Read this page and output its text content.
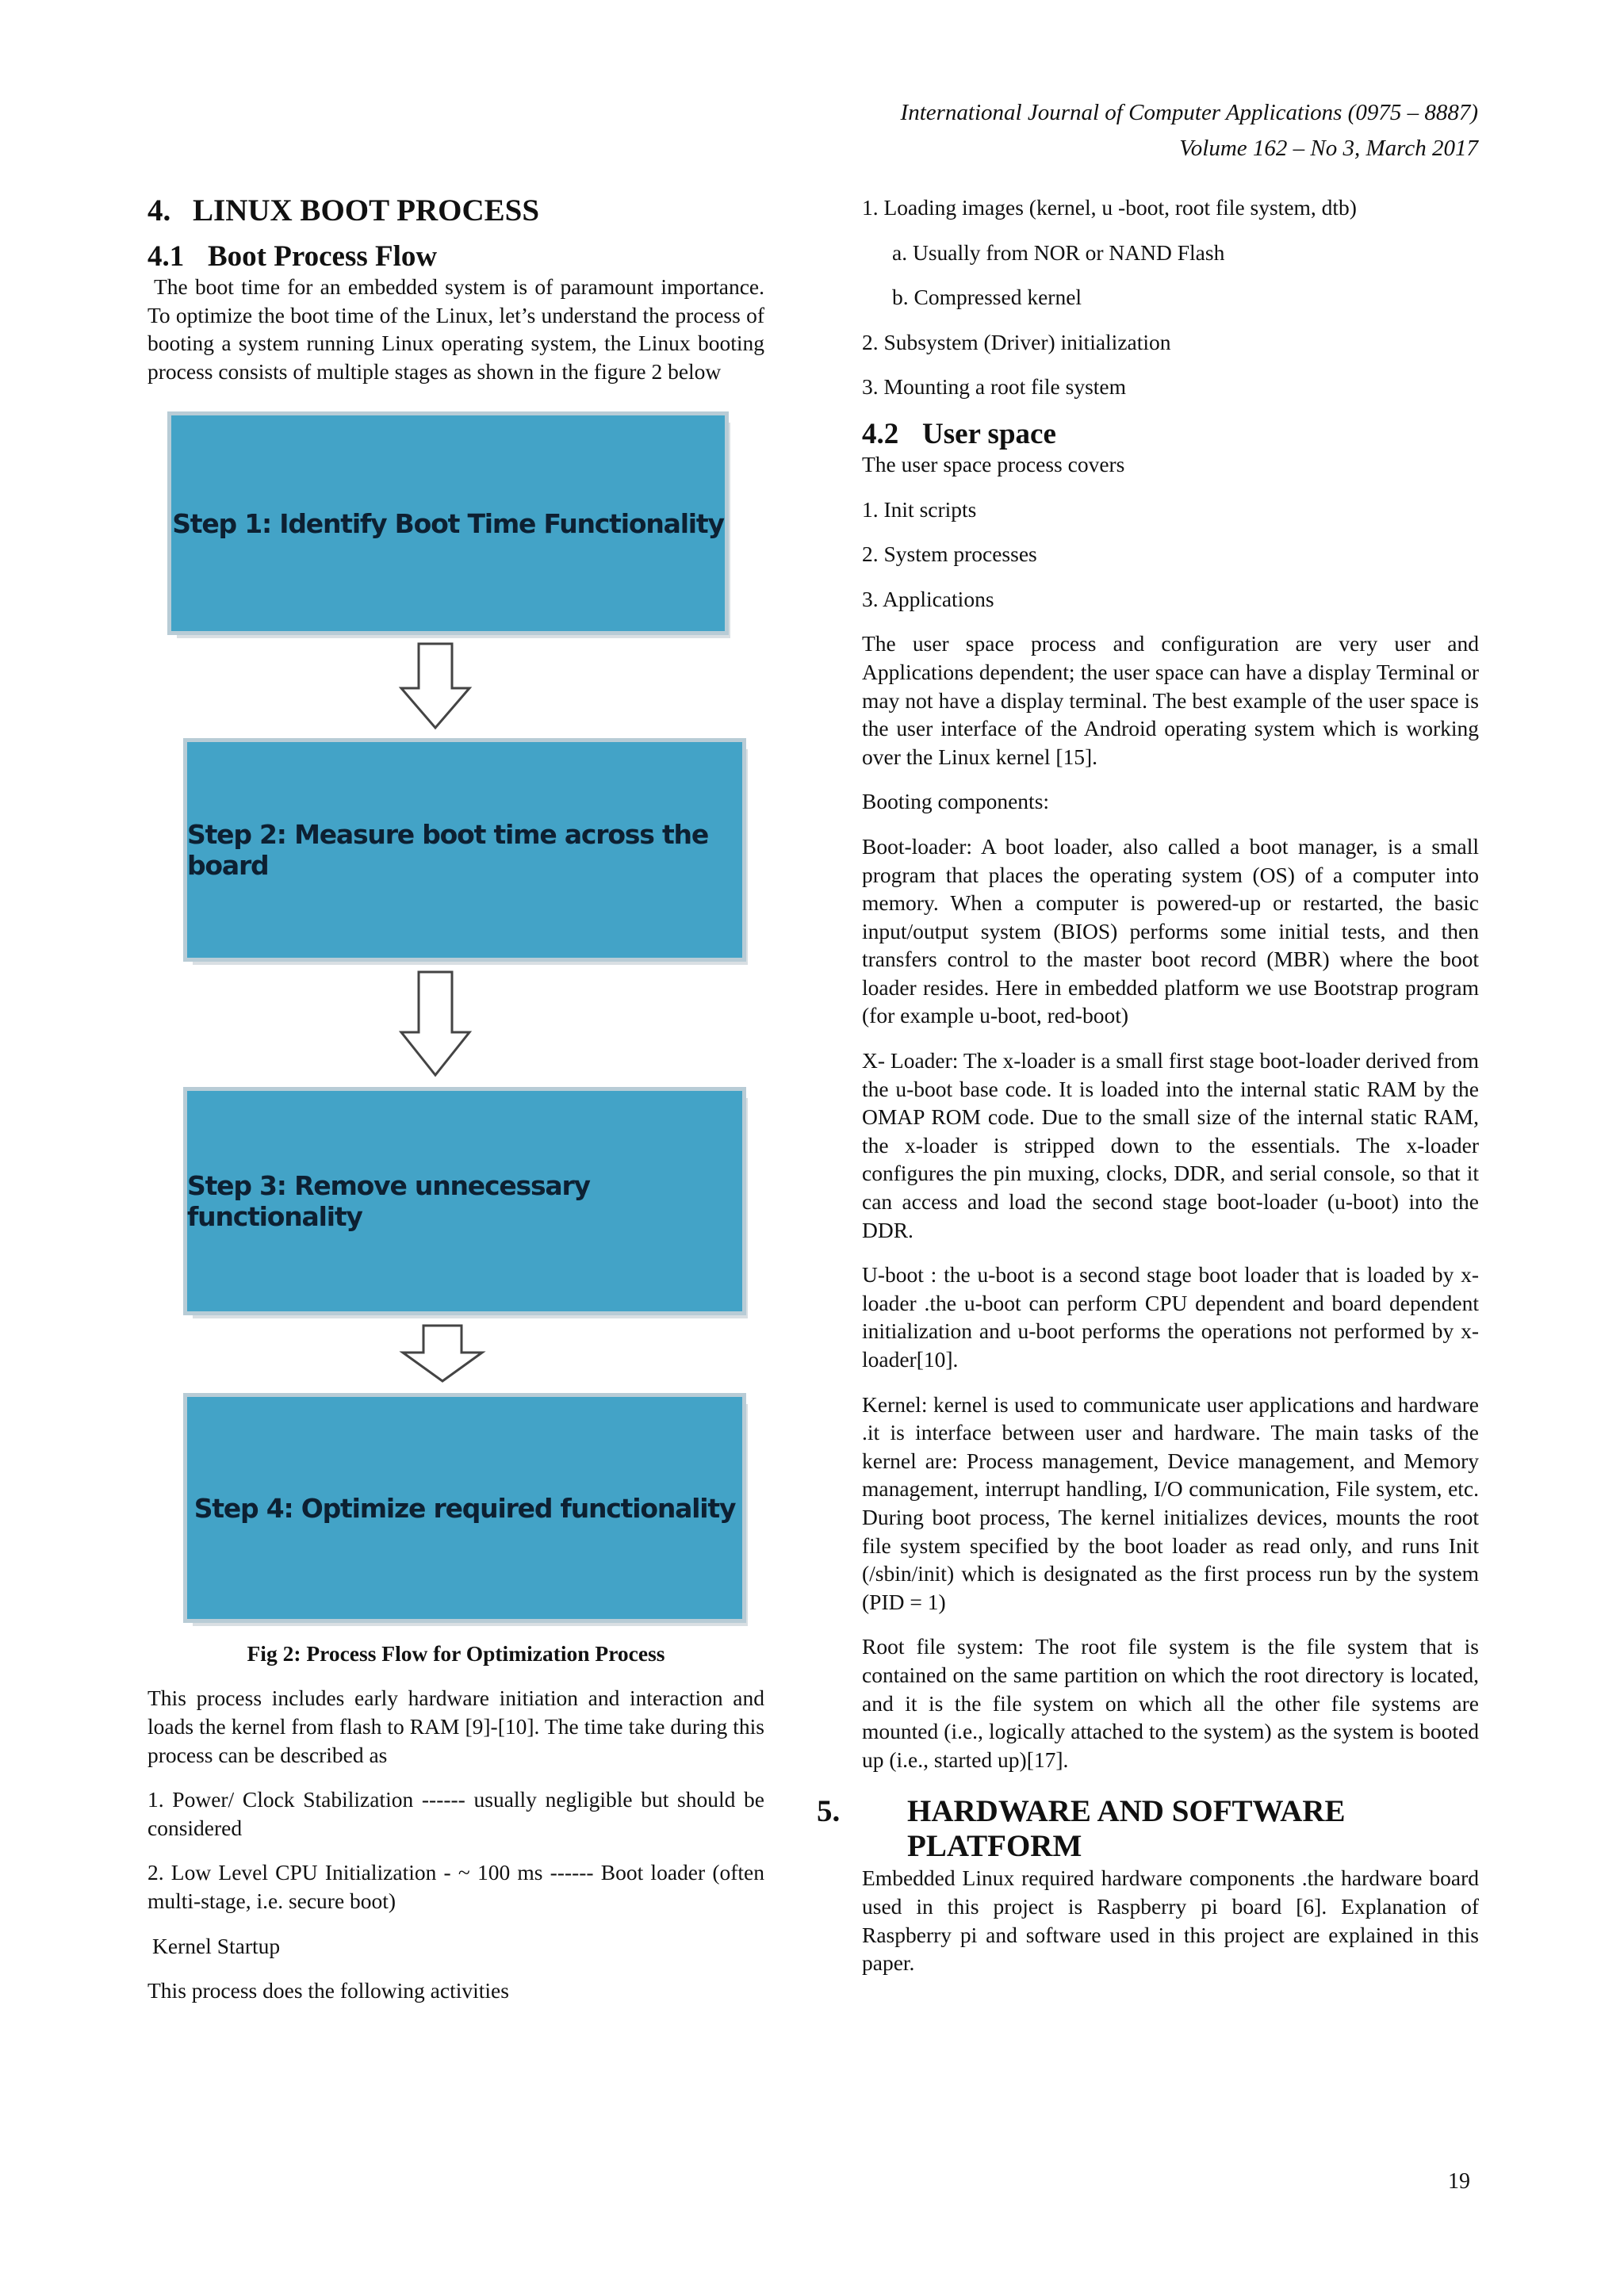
International Journal of Computer Applications (0975 – 8887)
Volume 162 – No 3, March 2017
4. LINUX BOOT PROCESS
4.1 Boot Process Flow

The boot time for an embedded system is of paramount importance. To optimize the boot time of the Linux, let’s understand the process of booting a system running Linux operating system, the Linux booting process consists of multiple stages as shown in the figure 2 below

Step 1: Identify Boot Time Functionality
Step 2: Measure boot time across the board
Step 3: Remove unnecessary functionality
Step 4: Optimize required functionality

Fig 2: Process Flow for Optimization Process

This process includes early hardware initiation and interaction and loads the kernel from flash to RAM [9]-[10]. The time take during this process can be described as

1. Power/ Clock Stabilization ------ usually negligible but should be considered

2. Low Level CPU Initialization - ~ 100 ms ------ Boot loader (often multi-stage, i.e. secure boot)

Kernel Startup

This process does the following activities

1. Loading images (kernel, u -boot, root file system, dtb)

a. Usually from NOR or NAND Flash

b. Compressed kernel

2. Subsystem (Driver) initialization

3. Mounting a root file system

4.2 User space

The user space process covers

1. Init scripts

2. System processes

3. Applications

The user space process and configuration are very user and Applications dependent; the user space can have a display Terminal or may not have a display terminal. The best example of the user space is the user interface of the Android operating system which is working over the Linux kernel [15].

Booting components:

Boot-loader: A boot loader, also called a boot manager, is a small program that places the operating system (OS) of a computer into memory. When a computer is powered-up or restarted, the basic input/output system (BIOS) performs some initial tests, and then transfers control to the master boot record (MBR) where the boot loader resides. Here in embedded platform we use Bootstrap program (for example u-boot, red-boot)

X- Loader: The x-loader is a small first stage boot-loader derived from the u-boot base code. It is loaded into the internal static RAM by the OMAP ROM code. Due to the small size of the internal static RAM, the x-loader is stripped down to the essentials. The x-loader configures the pin muxing, clocks, DDR, and serial console, so that it can access and load the second stage boot-loader (u-boot) into the DDR.

U-boot : the u-boot is a second stage boot loader that is loaded by x-loader .the u-boot can perform CPU dependent and board dependent initialization and u-boot performs the operations not performed by x-loader[10].

Kernel: kernel is used to communicate user applications and hardware .it is interface between user and hardware. The main tasks of the kernel are: Process management, Device management, and Memory management, interrupt handling, I/O communication, File system, etc. During boot process, The kernel initializes devices, mounts the root file system specified by the boot loader as read only, and runs Init (/sbin/init) which is designated as the first process run by the system (PID = 1)

Root file system: The root file system is the file system that is contained on the same partition on which the root directory is located, and it is the file system on which all the other file systems are mounted (i.e., logically attached to the system) as the system is booted up (i.e., started up)[17].

5. HARDWARE AND SOFTWARE PLATFORM

Embedded Linux required hardware components .the hardware board used in this project is Raspberry pi board [6]. Explanation of Raspberry pi and software used in this project are explained in this paper.

19
